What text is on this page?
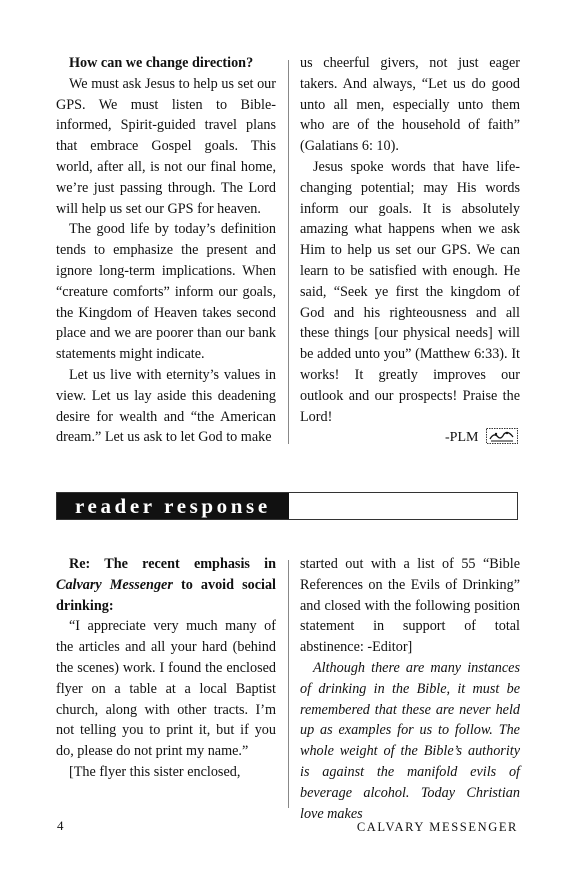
How can we change direction?

We must ask Jesus to help us set our GPS. We must listen to Bible-informed, Spirit-guided travel plans that embrace Gospel goals. This world, after all, is not our final home, we’re just passing through. The Lord will help us set our GPS for heaven.

The good life by today’s definition tends to emphasize the present and ignore long-term implications. When “creature comforts” inform our goals, the Kingdom of Heaven takes second place and we are poorer than our bank statements might indicate.

Let us live with eternity’s values in view. Let us lay aside this deadening desire for wealth and “the American dream.” Let us ask to let God to make

us cheerful givers, not just eager takers. And always, “Let us do good unto all men, especially unto them who are of the household of faith” (Galatians 6: 10).

Jesus spoke words that have life-changing potential; may His words inform our goals. It is absolutely amazing what happens when we ask Him to help us set our GPS. We can learn to be satisfied with enough. He said, “Seek ye first the kingdom of God and his righteousness and all these things [our physical needs] will be added unto you” (Matthew 6:33). It works! It greatly improves our outlook and our prospects! Praise the Lord!

-PLM
reader response

Re: The recent emphasis in Calvary Messenger to avoid social drinking:

“I appreciate very much many of the articles and all your hard (behind the scenes) work. I found the enclosed flyer on a table at a local Baptist church, along with other tracts. I’m not telling you to print it, but if you do, please do not print my name.”

[The flyer this sister enclosed,

started out with a list of 55 “Bible References on the Evils of Drinking” and closed with the following position statement in support of total abstinence: -Editor]

Although there are many instances of drinking in the Bible, it must be remembered that these are never held up as examples for us to follow. The whole weight of the Bible’s authority is against the manifold evils of beverage alcohol. Today Christian love makes

4	CALVARY MESSENGER
